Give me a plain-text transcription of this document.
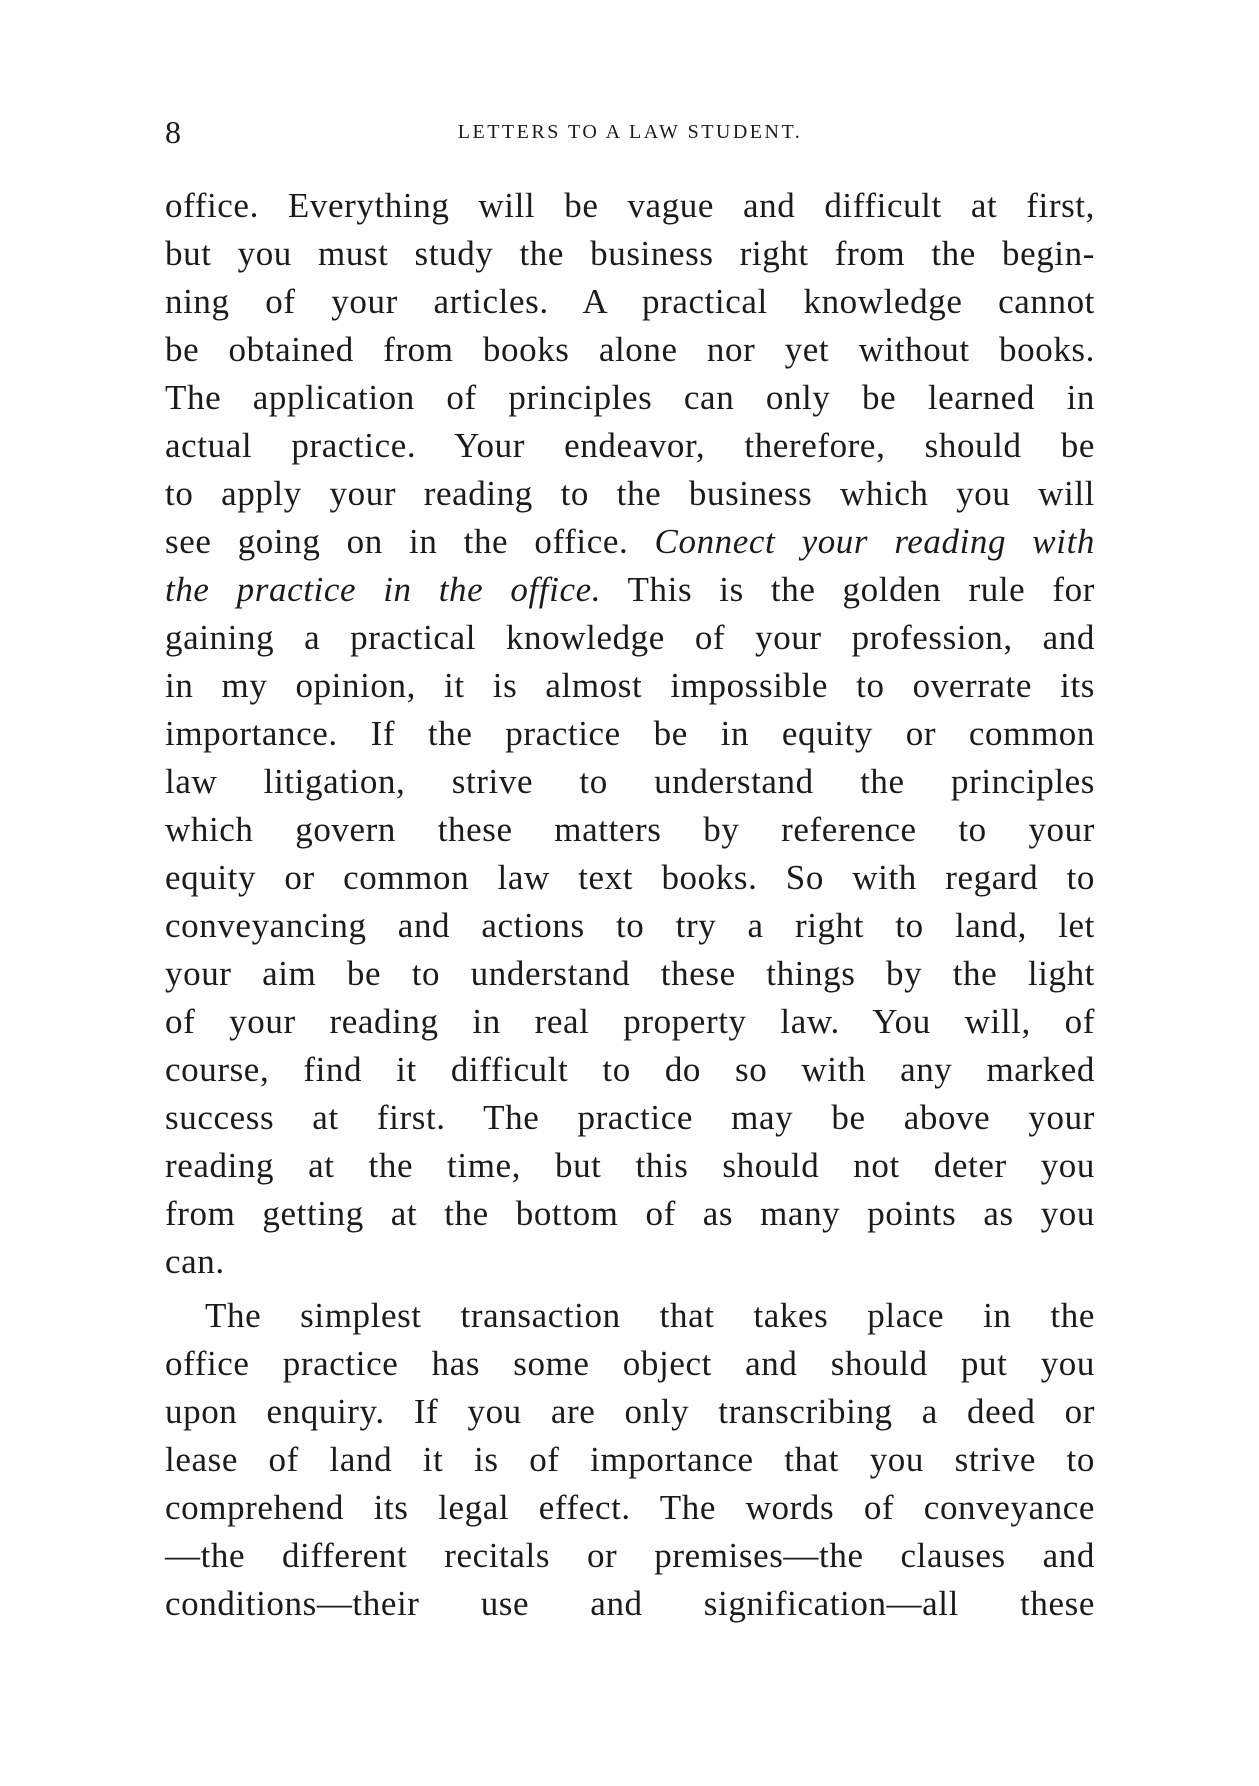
8	LETTERS TO A LAW STUDENT.
office. Everything will be vague and difficult at first,
but you must study the business right from the begin-
ning of your articles. A practical knowledge cannot
be obtained from books alone nor yet without books.
The application of principles can only be learned in
actual practice. Your endeavor, therefore, should be
to apply your reading to the business which you will
see going on in the office. Connect your reading with
the practice in the office. This is the golden rule for
gaining a practical knowledge of your profession, and
in my opinion, it is almost impossible to overrate its
importance. If the practice be in equity or common
law litigation, strive to understand the principles
which govern these matters by reference to your
equity or common law text books. So with regard to
conveyancing and actions to try a right to land, let
your aim be to understand these things by the light
of your reading in real property law. You will, of
course, find it difficult to do so with any marked
success at first. The practice may be above your
reading at the time, but this should not deter you
from getting at the bottom of as many points as you
can.
The simplest transaction that takes place in the
office practice has some object and should put you
upon enquiry. If you are only transcribing a deed or
lease of land it is of importance that you strive to
comprehend its legal effect. The words of conveyance
—the different recitals or premises—the clauses and
conditions—their use and signification—all these
